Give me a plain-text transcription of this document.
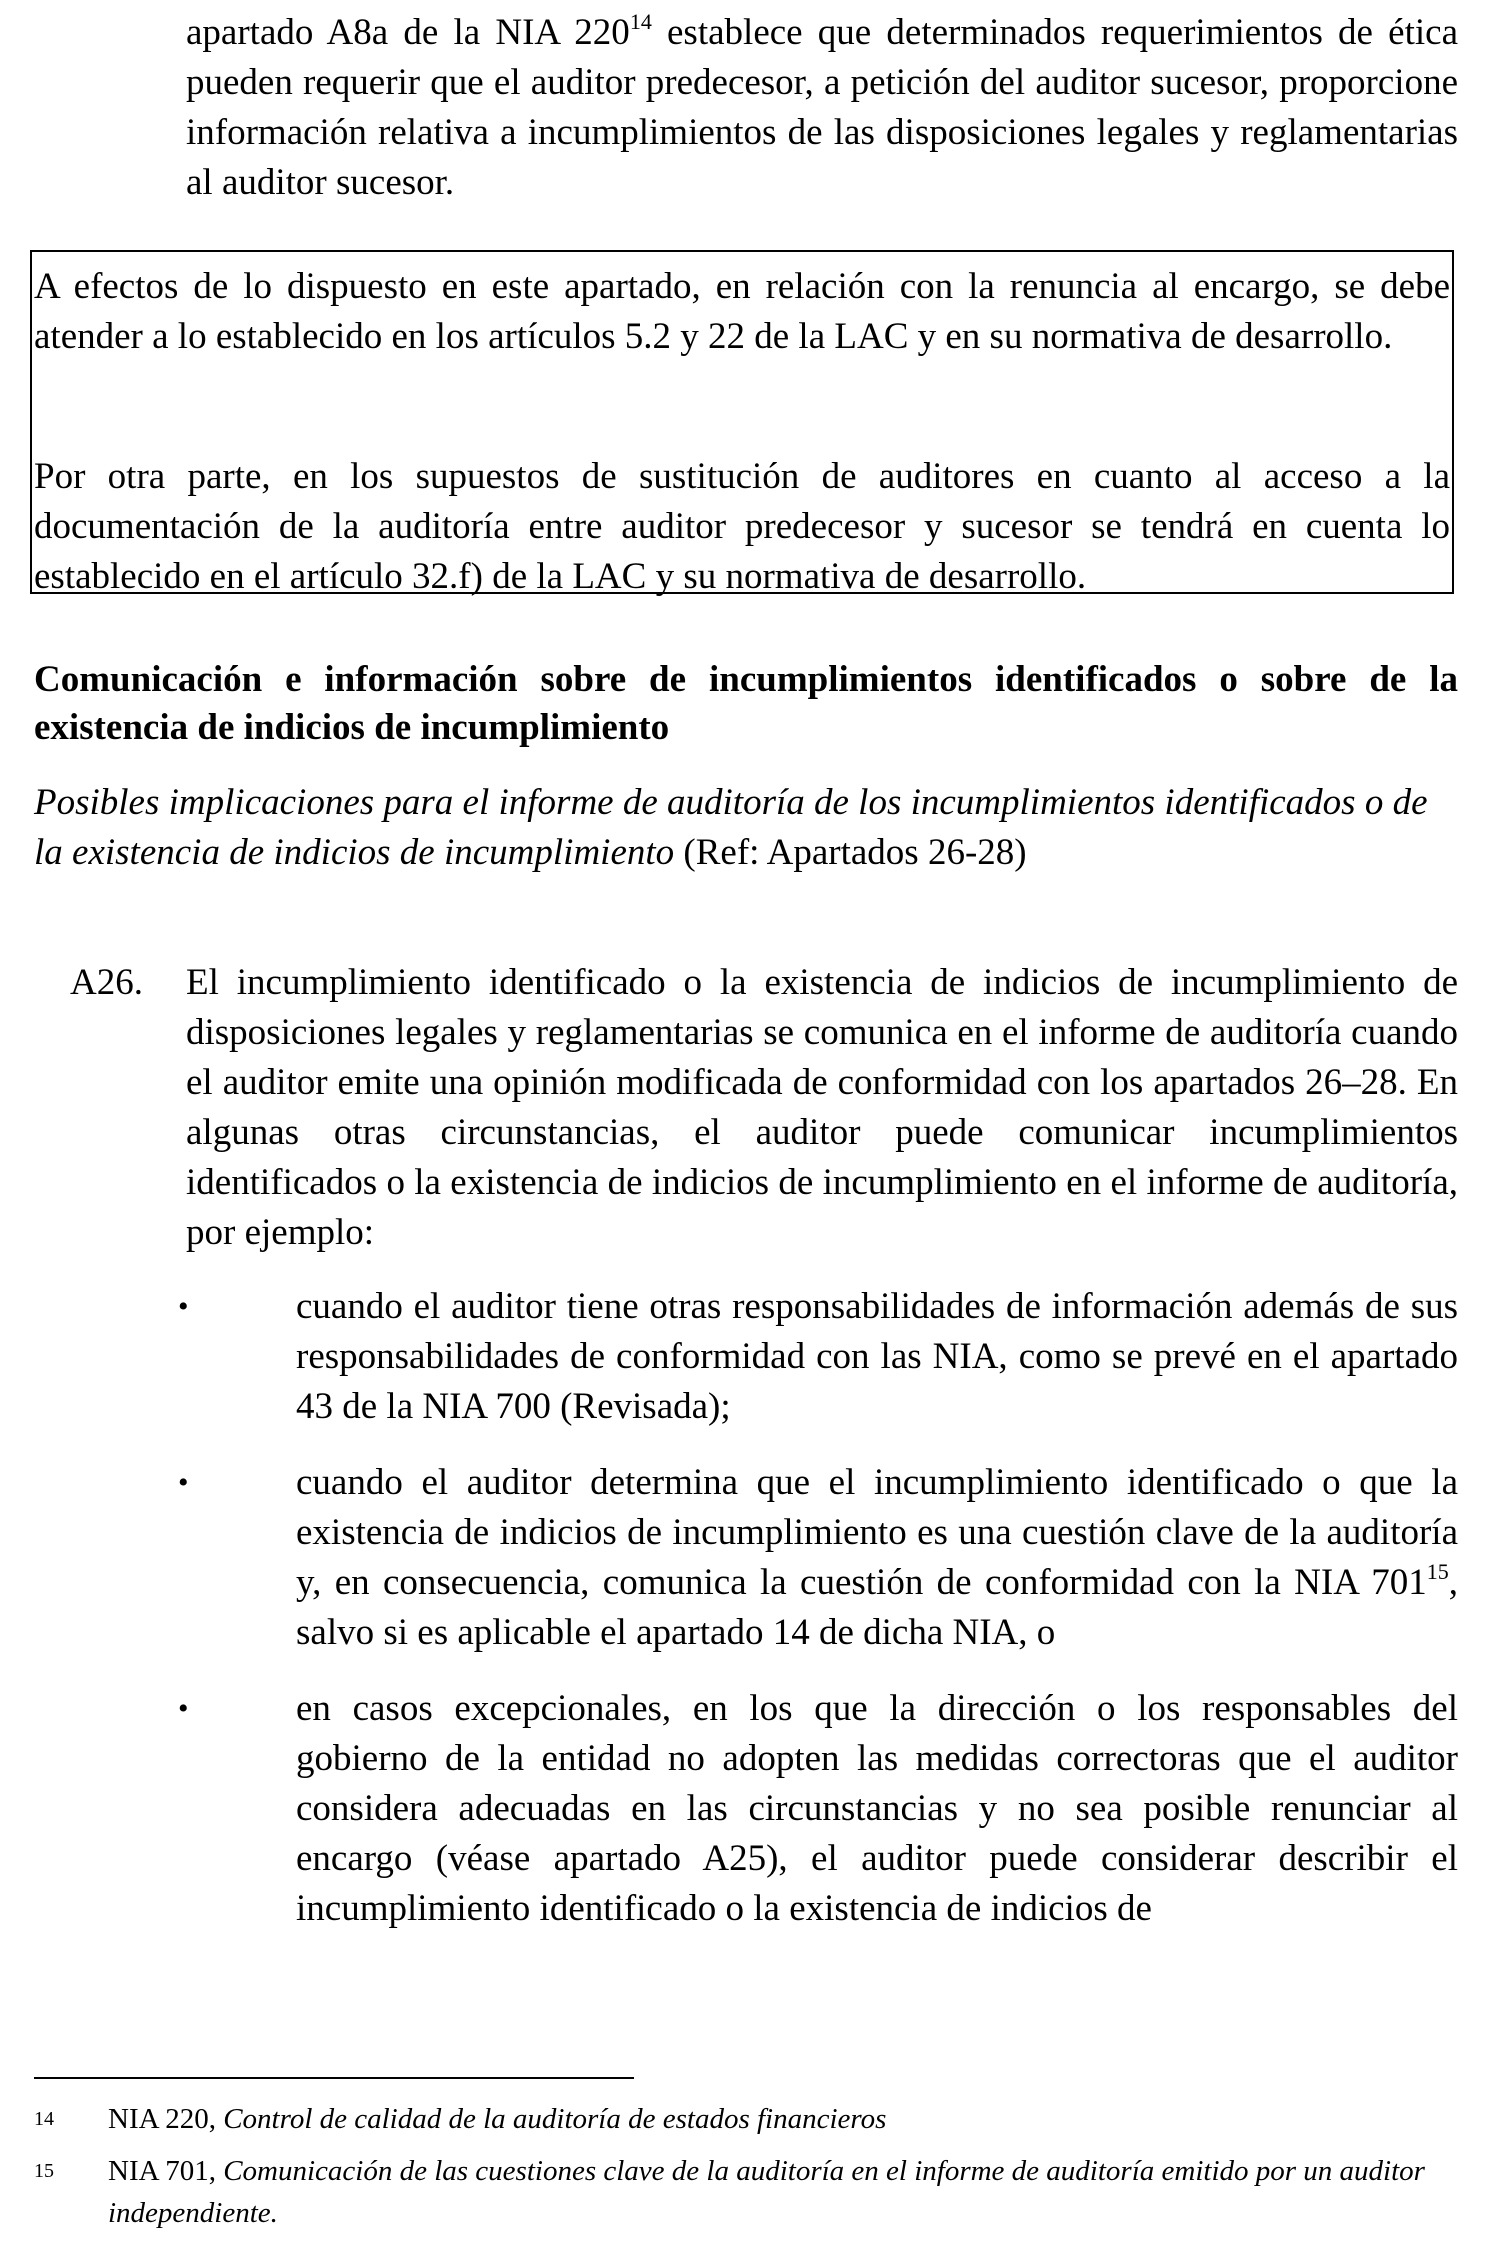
apartado A8a de la NIA $220^{14}$ establece que determinados requerimientos de ética pueden requerir que el auditor predecesor, a petición del auditor sucesor, proporcione información relativa a incumplimientos de las disposiciones legales y reglamentarias al auditor sucesor.
A efectos de lo dispuesto en este apartado, en relación con la renuncia al encargo, se debe atender a lo establecido en los artículos 5.2 y 22 de la LAC y en su normativa de desarrollo.
Por otra parte, en los supuestos de sustitución de auditores en cuanto al acceso a la documentación de la auditoría entre auditor predecesor y sucesor se tendrá en cuenta lo establecido en el artículo 32.f) de la LAC y su normativa de desarrollo.
Comunicación e información sobre de incumplimientos identificados o sobre de la existencia de indicios de incumplimiento
Posibles implicaciones para el informe de auditoría de los incumplimientos identificados o de la existencia de indicios de incumplimiento (Ref: Apartados 26-28)
A26. El incumplimiento identificado o la existencia de indicios de incumplimiento de disposiciones legales y reglamentarias se comunica en el informe de auditoría cuando el auditor emite una opinión modificada de conformidad con los apartados 26–28. En algunas otras circunstancias, el auditor puede comunicar incumplimientos identificados o la existencia de indicios de incumplimiento en el informe de auditoría, por ejemplo:
•	cuando el auditor tiene otras responsabilidades de información además de sus responsabilidades de conformidad con las NIA, como se prevé en el apartado 43 de la NIA 700 (Revisada);
•	cuando el auditor determina que el incumplimiento identificado o que la existencia de indicios de incumplimiento es una cuestión clave de la auditoría y, en consecuencia, comunica la cuestión de conformidad con la NIA $701^{15}$, salvo si es aplicable el apartado 14 de dicha NIA, o
•	en casos excepcionales, en los que la dirección o los responsables del gobierno de la entidad no adopten las medidas correctoras que el auditor considera adecuadas en las circunstancias y no sea posible renunciar al encargo (véase apartado A25), el auditor puede considerar describir el incumplimiento identificado o la existencia de indicios de
14 NIA 220, Control de calidad de la auditoría de estados financieros
15 NIA 701, Comunicación de las cuestiones clave de la auditoría en el informe de auditoría emitido por un auditor independiente.
